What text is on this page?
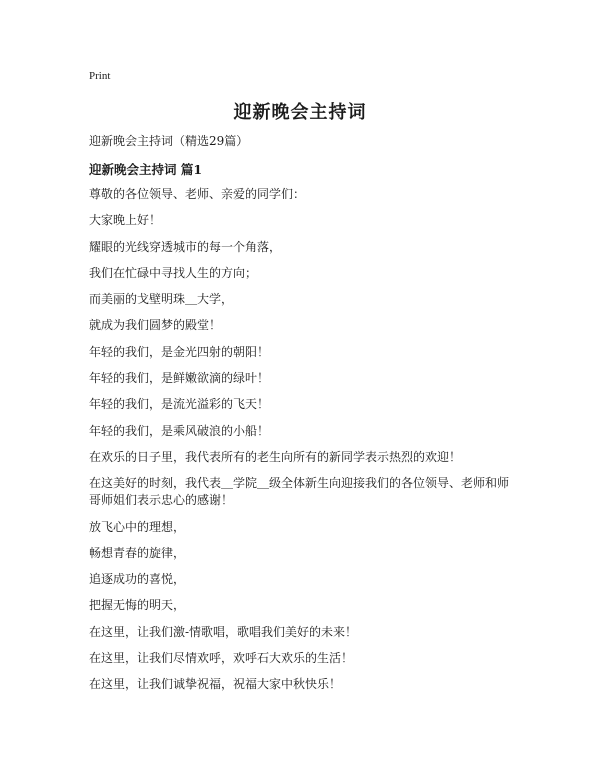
Print
迎新晚会主持词
迎新晚会主持词（精选29篇）
迎新晚会主持词 篇1
尊敬的各位领导、老师、亲爱的同学们：
大家晚上好！
耀眼的光线穿透城市的每一个角落，
我们在忙碌中寻找人生的方向；
而美丽的戈壁明珠＿大学，
就成为我们圆梦的殿堂！
年轻的我们，是金光四射的朝阳！
年轻的我们，是鲜嫩欲滴的绿叶！
年轻的我们，是流光溢彩的飞天！
年轻的我们，是乘风破浪的小船！
在欢乐的日子里，我代表所有的老生向所有的新同学表示热烈的欢迎！
在这美好的时刻，我代表＿学院＿级全体新生向迎接我们的各位领导、老师和师哥师姐们表示忠心的感谢！
放飞心中的理想，
畅想青春的旋律，
追逐成功的喜悦，
把握无悔的明天，
在这里，让我们激-情歌唱，歌唱我们美好的未来！
在这里，让我们尽情欢呼，欢呼石大欢乐的生活！
在这里，让我们诚挚祝福，祝福大家中秋快乐！
